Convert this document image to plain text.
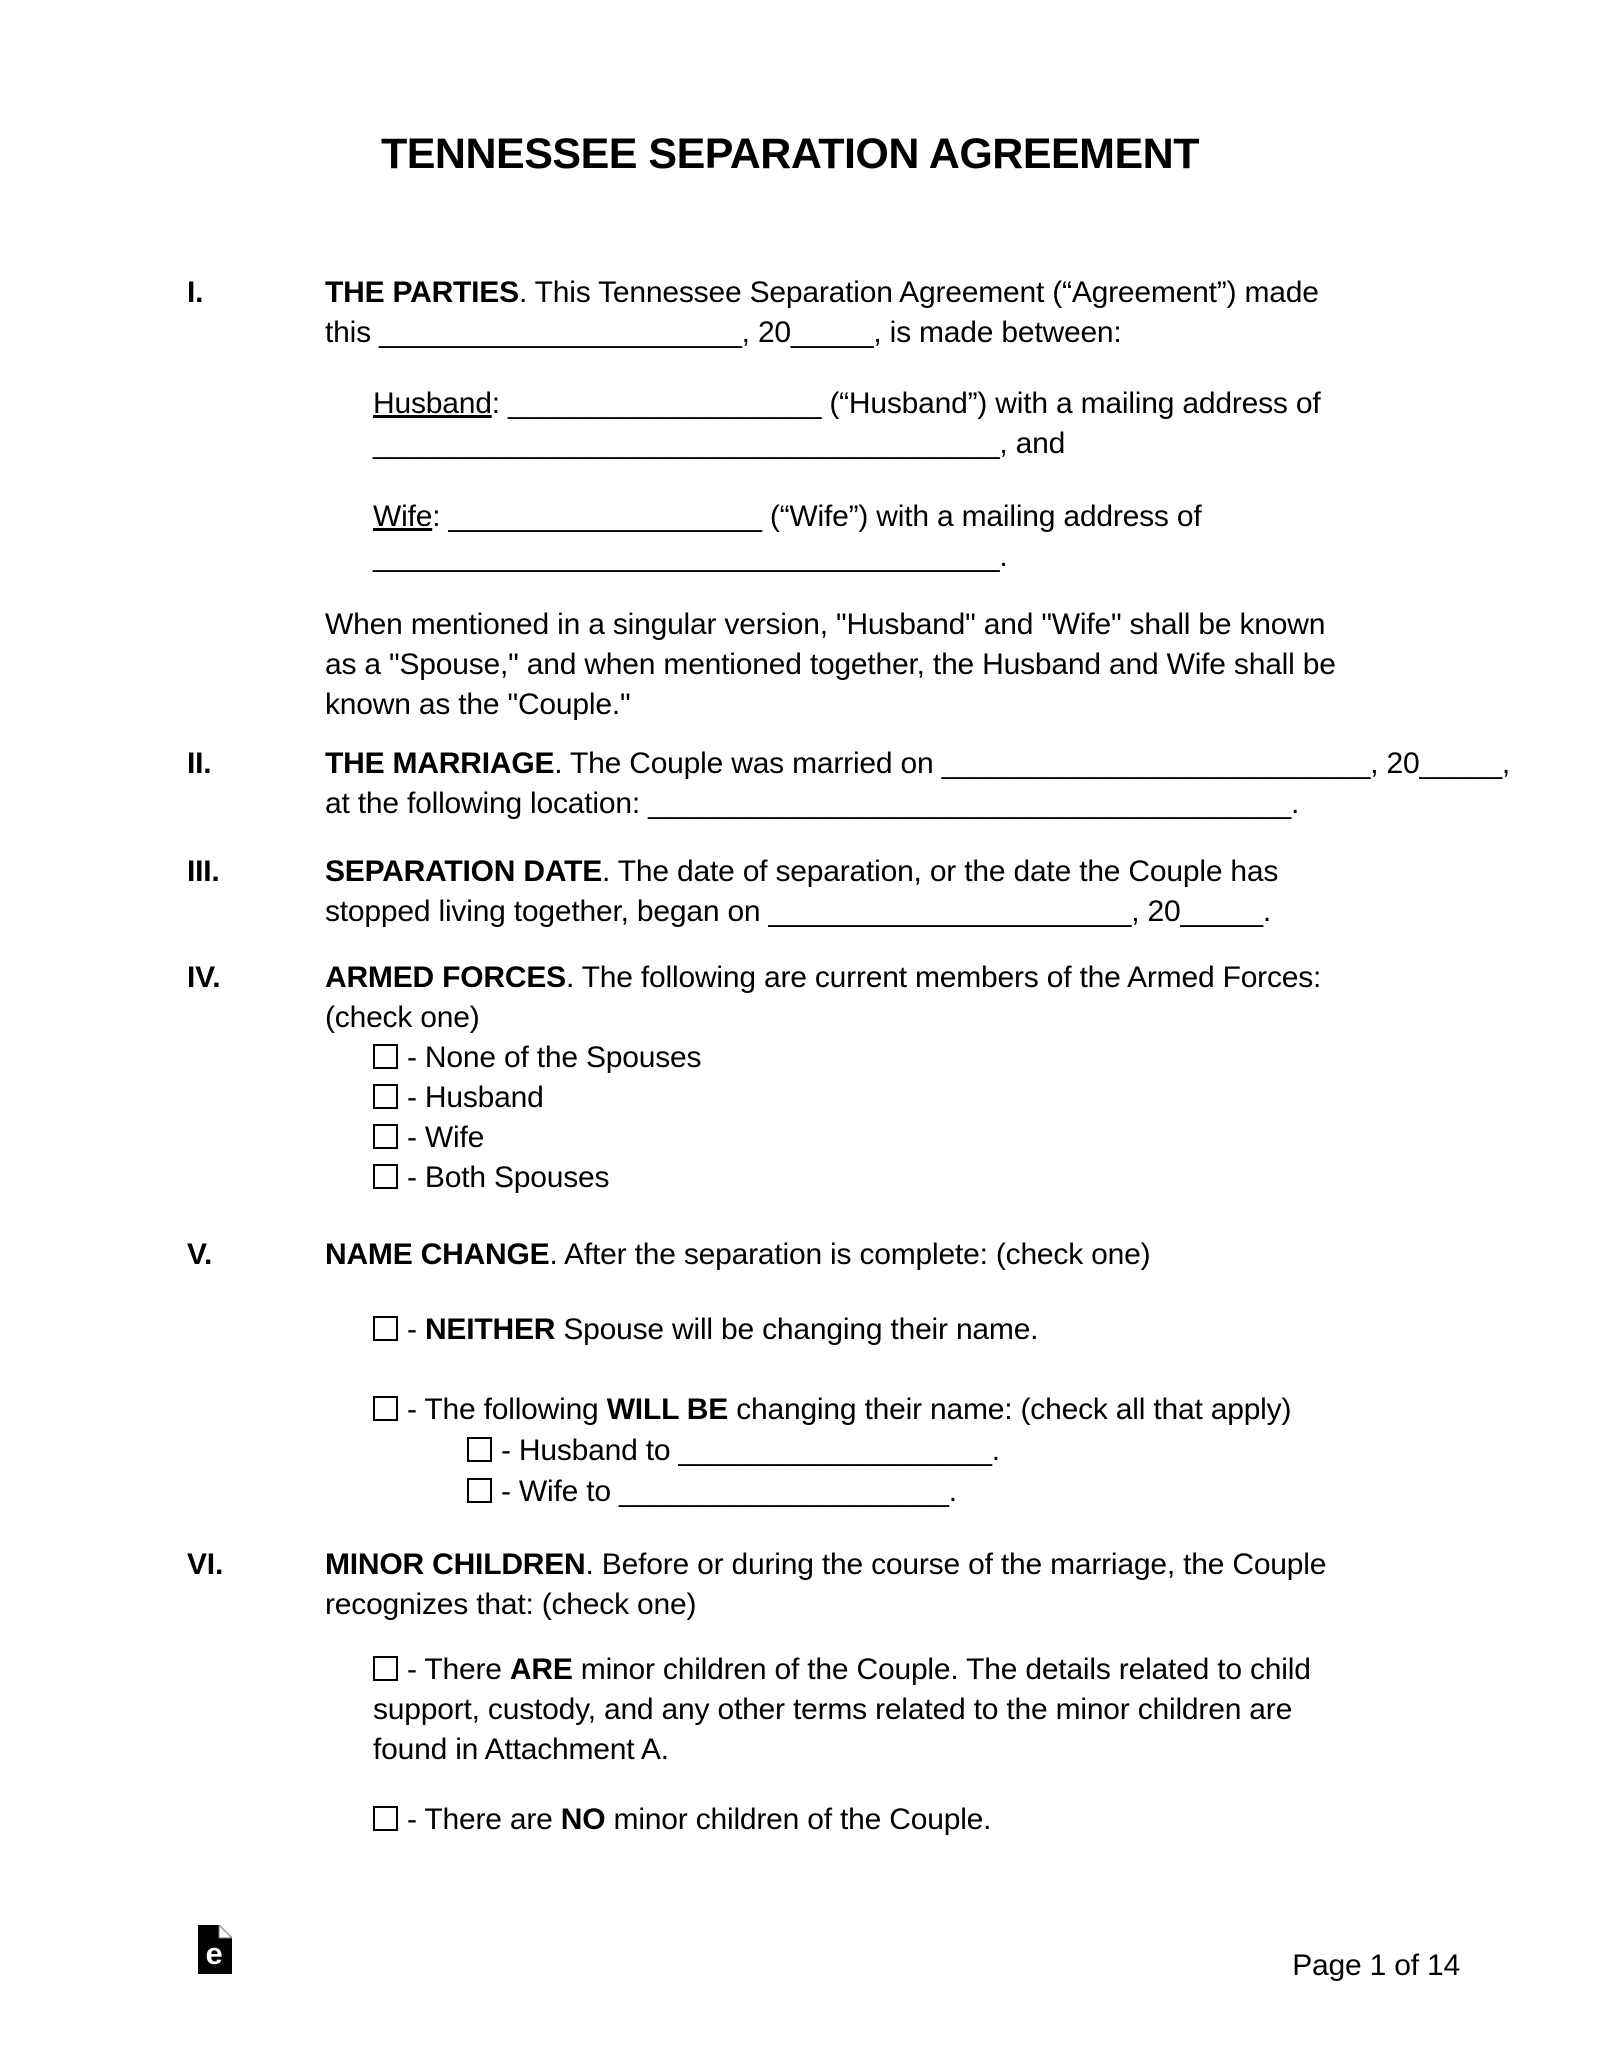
TENNESSEE SEPARATION AGREEMENT
I.	THE PARTIES. This Tennessee Separation Agreement (“Agreement”) made
this ______________________, 20_____, is made between:
Husband: ___________________ (“Husband”) with a mailing address of
______________________________________, and
Wife: ___________________ (“Wife”) with a mailing address of
______________________________________.
When mentioned in a singular version, "Husband" and "Wife" shall be known
as a "Spouse," and when mentioned together, the Husband and Wife shall be
known as the "Couple."
II.	THE MARRIAGE. The Couple was married on __________________________, 20_____,
at the following location: _______________________________________.
III.	SEPARATION DATE. The date of separation, or the date the Couple has
stopped living together, began on ______________________, 20_____.
IV.	ARMED FORCES. The following are current members of the Armed Forces:
(check one)
- None of the Spouses
- Husband
- Wife
- Both Spouses
V.	NAME CHANGE. After the separation is complete: (check one)
- NEITHER Spouse will be changing their name.
- The following WILL BE changing their name: (check all that apply)
- Husband to ___________________.
- Wife to ____________________.
VI.	MINOR CHILDREN. Before or during the course of the marriage, the Couple
recognizes that: (check one)
- There ARE minor children of the Couple. The details related to child
support, custody, and any other terms related to the minor children are
found in Attachment A.
- There are NO minor children of the Couple.
e	Page 1 of 14
